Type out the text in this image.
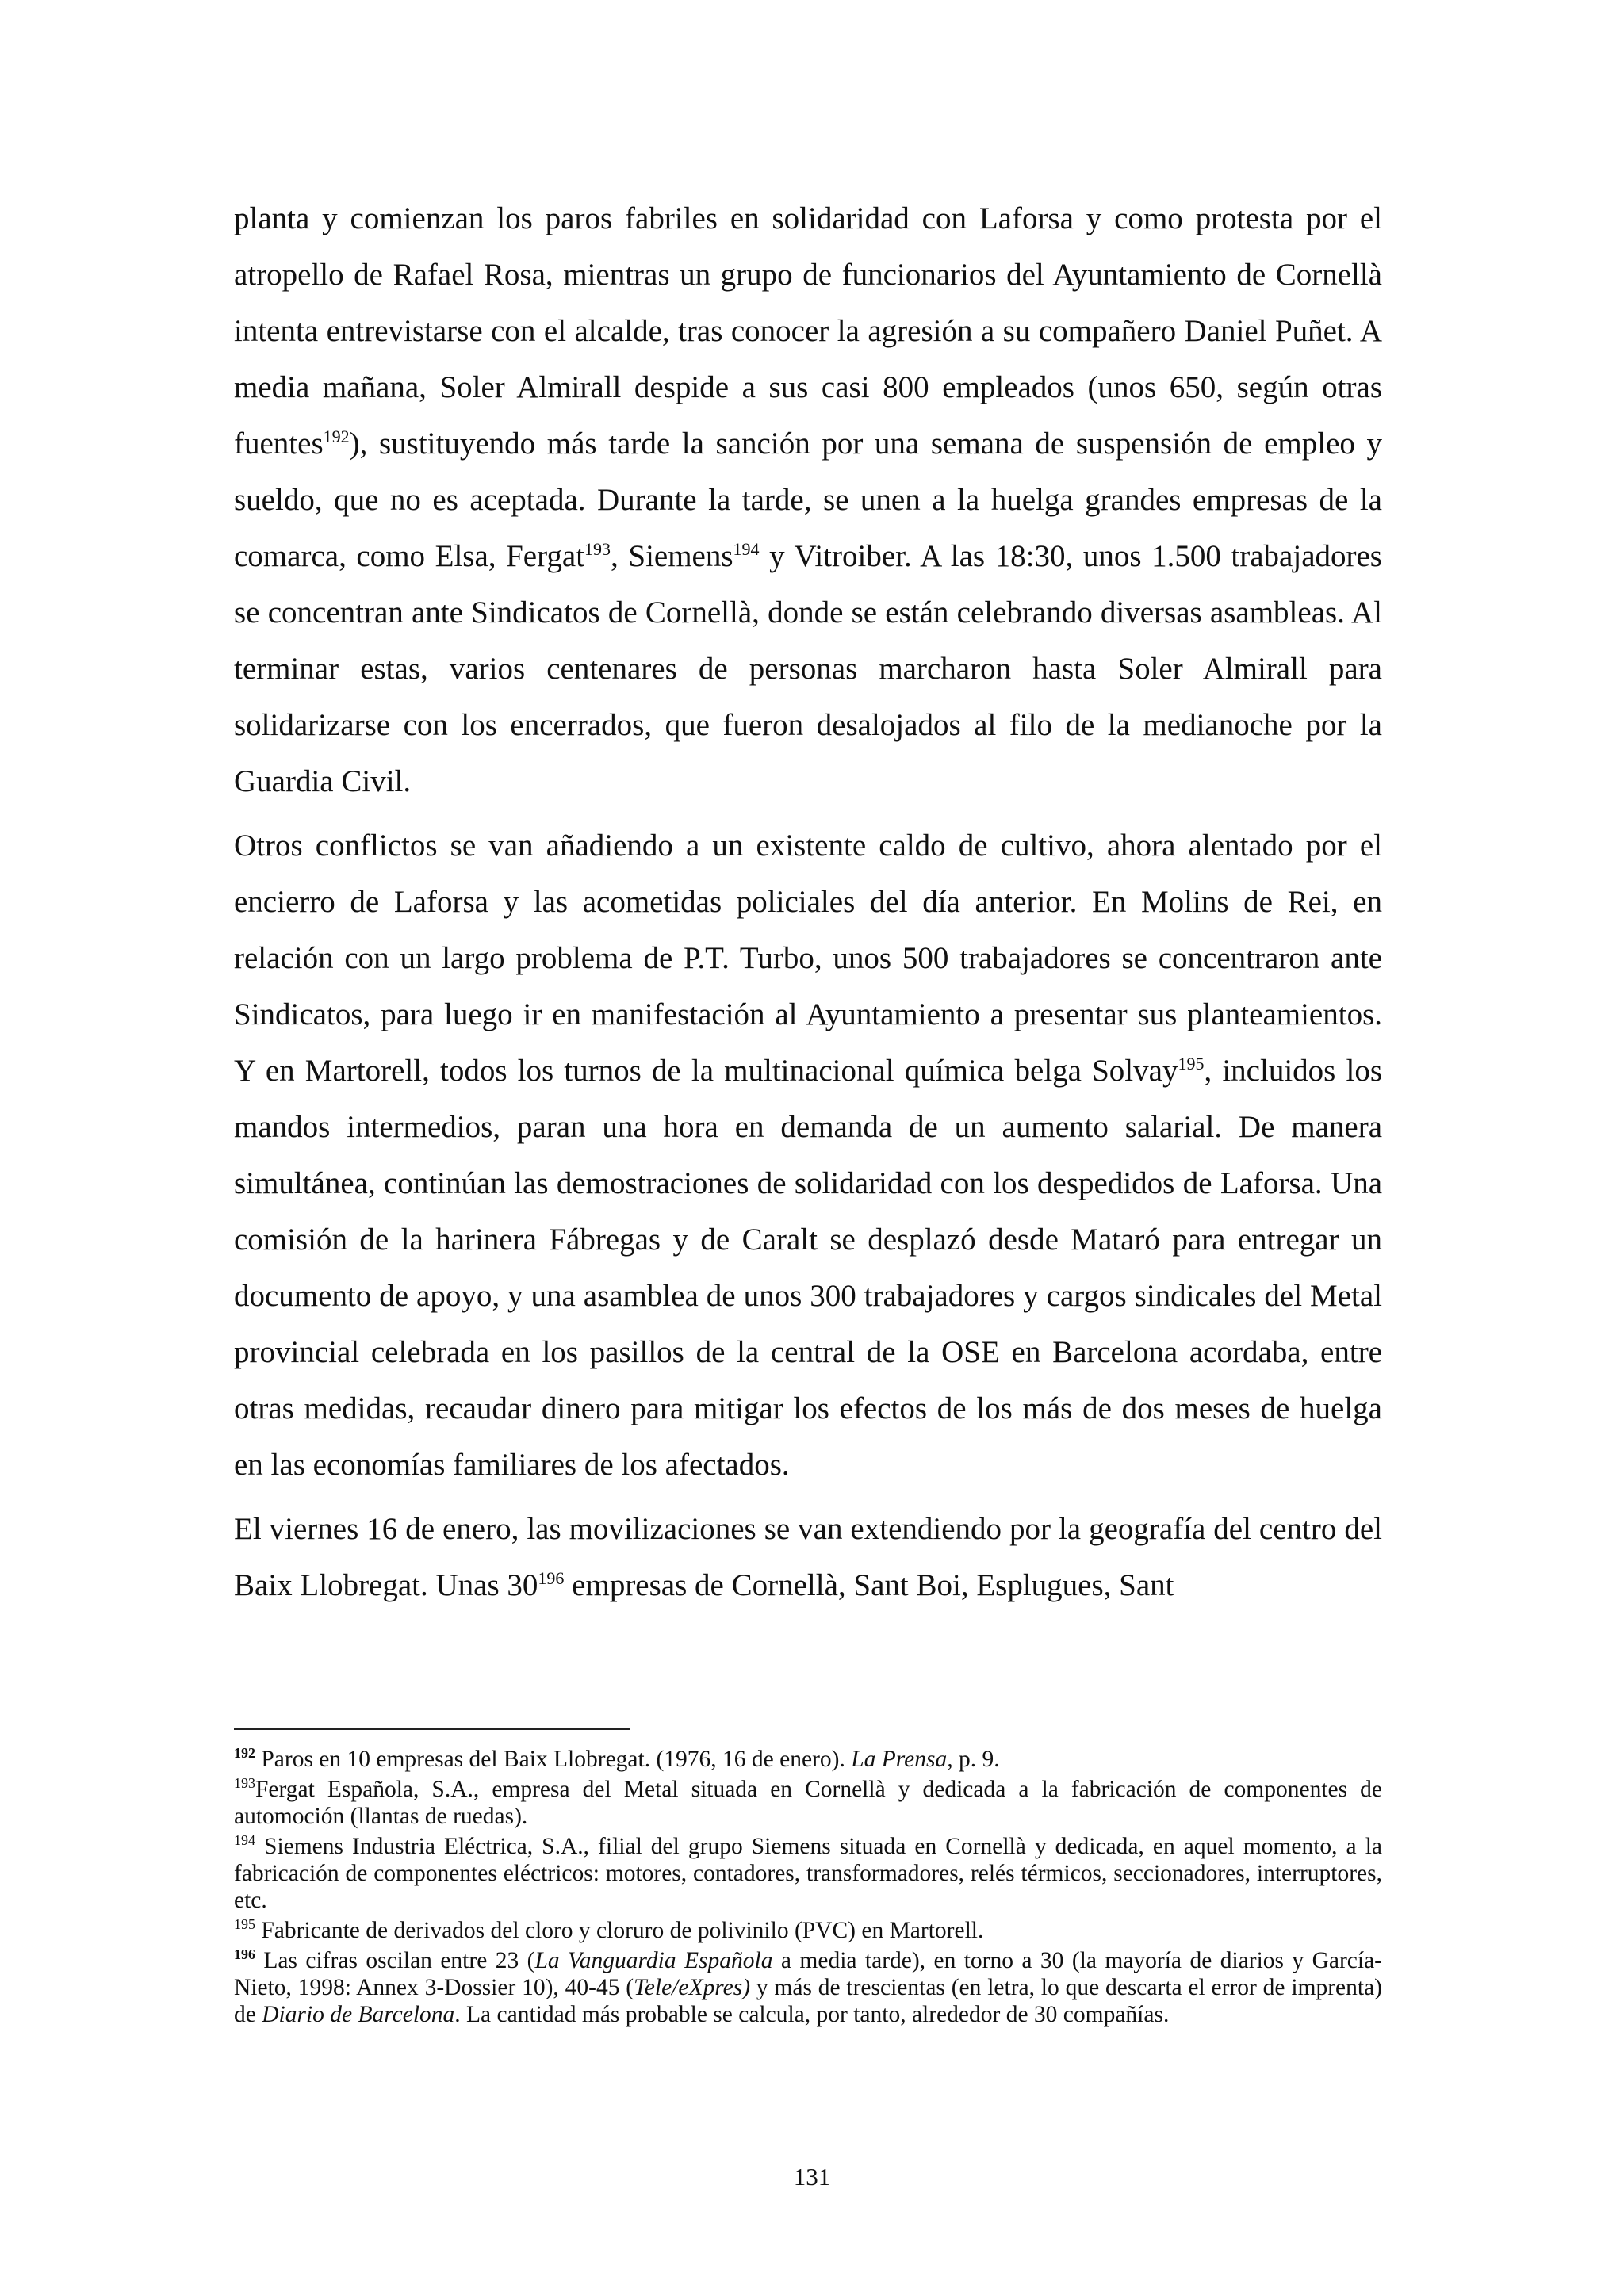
planta y comienzan los paros fabriles en solidaridad con Laforsa y como protesta por el atropello de Rafael Rosa, mientras un grupo de funcionarios del Ayuntamiento de Cornellà intenta entrevistarse con el alcalde, tras conocer la agresión a su compañero Daniel Puñet. A media mañana, Soler Almirall despide a sus casi 800 empleados (unos 650, según otras fuentes$^{192}$), sustituyendo más tarde la sanción por una semana de suspensión de empleo y sueldo, que no es aceptada. Durante la tarde, se unen a la huelga grandes empresas de la comarca, como Elsa, Fergat$^{193}$, Siemens$^{194}$ y Vitroiber. A las 18:30, unos 1.500 trabajadores se concentran ante Sindicatos de Cornellà, donde se están celebrando diversas asambleas. Al terminar estas, varios centenares de personas marcharon hasta Soler Almirall para solidarizarse con los encerrados, que fueron desalojados al filo de la medianoche por la Guardia Civil.

Otros conflictos se van añadiendo a un existente caldo de cultivo, ahora alentado por el encierro de Laforsa y las acometidas policiales del día anterior. En Molins de Rei, en relación con un largo problema de P.T. Turbo, unos 500 trabajadores se concentraron ante Sindicatos, para luego ir en manifestación al Ayuntamiento a presentar sus planteamientos. Y en Martorell, todos los turnos de la multinacional química belga Solvay$^{195}$, incluidos los mandos intermedios, paran una hora en demanda de un aumento salarial. De manera simultánea, continúan las demostraciones de solidaridad con los despedidos de Laforsa. Una comisión de la harinera Fábregas y de Caralt se desplazó desde Mataró para entregar un documento de apoyo, y una asamblea de unos 300 trabajadores y cargos sindicales del Metal provincial celebrada en los pasillos de la central de la OSE en Barcelona acordaba, entre otras medidas, recaudar dinero para mitigar los efectos de los más de dos meses de huelga en las economías familiares de los afectados.

El viernes 16 de enero, las movilizaciones se van extendiendo por la geografía del centro del Baix Llobregat. Unas $30^{196}$ empresas de Cornellà, Sant Boi, Esplugues, Sant

$^{192}$ Paros en 10 empresas del Baix Llobregat. (1976, 16 de enero). La Prensa, p. 9.

$^{193}$Fergat Española, S.A., empresa del Metal situada en Cornellà y dedicada a la fabricación de componentes de automoción (llantas de ruedas).

$^{194}$ Siemens Industria Eléctrica, S.A., filial del grupo Siemens situada en Cornellà y dedicada, en aquel momento, a la fabricación de componentes eléctricos: motores, contadores, transformadores, relés térmicos, seccionadores, interruptores, etc.

$^{195}$ Fabricante de derivados del cloro y cloruro de polivinilo (PVC) en Martorell.

$^{196}$ Las cifras oscilan entre 23 (La Vanguardia Española a media tarde), en torno a 30 (la mayoría de diarios y García-Nieto, 1998: Annex 3-Dossier 10), 40-45 (Tele/eXpres) y más de trescientas (en letra, lo que descarta el error de imprenta) de Diario de Barcelona. La cantidad más probable se calcula, por tanto, alrededor de 30 compañías.

131
